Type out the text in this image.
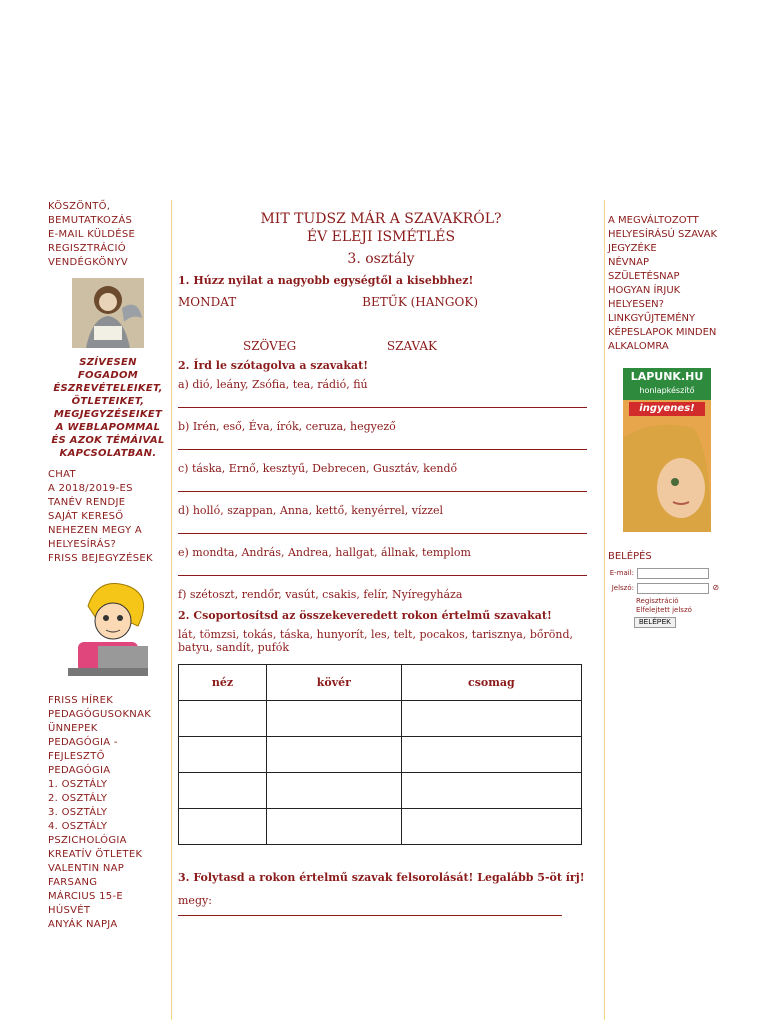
KÖSZÖNTŐ, BEMUTATKOZÁS
E-MAIL KÜLDÉSE
REGISZTRÁCIÓ
VENDÉGKÖNYV
SZÍVESEN FOGADOM ÉSZREVÉTELEIKET, ÖTLETEIKET, MEGJEGYZÉSEIKET A WEBLAPOMMAL ÉS AZOK TÉMÁIVAL KAPCSOLATBAN.
CHAT
A 2018/2019-ES TANÉV RENDJE
SAJÁT KERESŐ
NEHEZEN MEGY A HELYESÍRÁS?
FRISS BEJEGYZÉSEK
FRISS HÍREK PEDAGÓGUSOKNAK
ÜNNEPEK
PEDAGÓGIA - FEJLESZTŐ PEDAGÓGIA
1. OSZTÁLY
2. OSZTÁLY
3. OSZTÁLY
4. OSZTÁLY
PSZICHOLÓGIA
KREATÍV ÖTLETEK
VALENTIN NAP
FARSANG
MÁRCIUS 15-E
HÚSVÉT
ANYÁK NAPJA
MIT TUDSZ MÁR A SZAVAKRÓL?
ÉV ELEJI ISMÉTLÉS
3. osztály
1. Húzz nyilat a nagyobb egységtől a kisebbhez!
MONDAT	BETŰK (HANGOK)
SZÖVEG	SZAVAK
2. Írd le szótagolva a szavakat!
a) dió, leány, Zsófia, tea, rádió, fiú
b) Irén, eső, Éva, írók, ceruza, hegyező
c) táska, Ernő, kesztyű, Debrecen, Gusztáv, kendő
d) holló, szappan, Anna, kettő, kenyérrel, vízzel
e) mondta, András, Andrea, hallgat, állnak, templom
f) szétoszt, rendőr, vasút, csakis, felír, Nyíregyháza
2. Csoportosítsd az összekeveredett rokon értelmű szavakat!
lát, tömzsi, tokás, táska, hunyorít, les, telt, pocakos, tarisznya, bőrönd, batyu, sandít, pufók
néz	kövér	csomag

3. Folytasd a rokon értelmű szavak felsorolását! Legalább 5-öt írj!
megy:
A MEGVÁLTOZOTT HELYESÍRÁSÚ SZAVAK JEGYZÉKE
NÉVNAP
SZÜLETÉSNAP
HOGYAN ÍRJUK HELYESEN?
LINKGYŰJTEMÉNY
KÉPESLAPOK MINDEN ALKALOMRA
LAPUNK.HU
honlapkészítő
ingyenes!
BELÉPÉS
E-mail:
Jelszó:	⊘
Regisztráció
Elfelejtett jelszó
BELÉPEK
